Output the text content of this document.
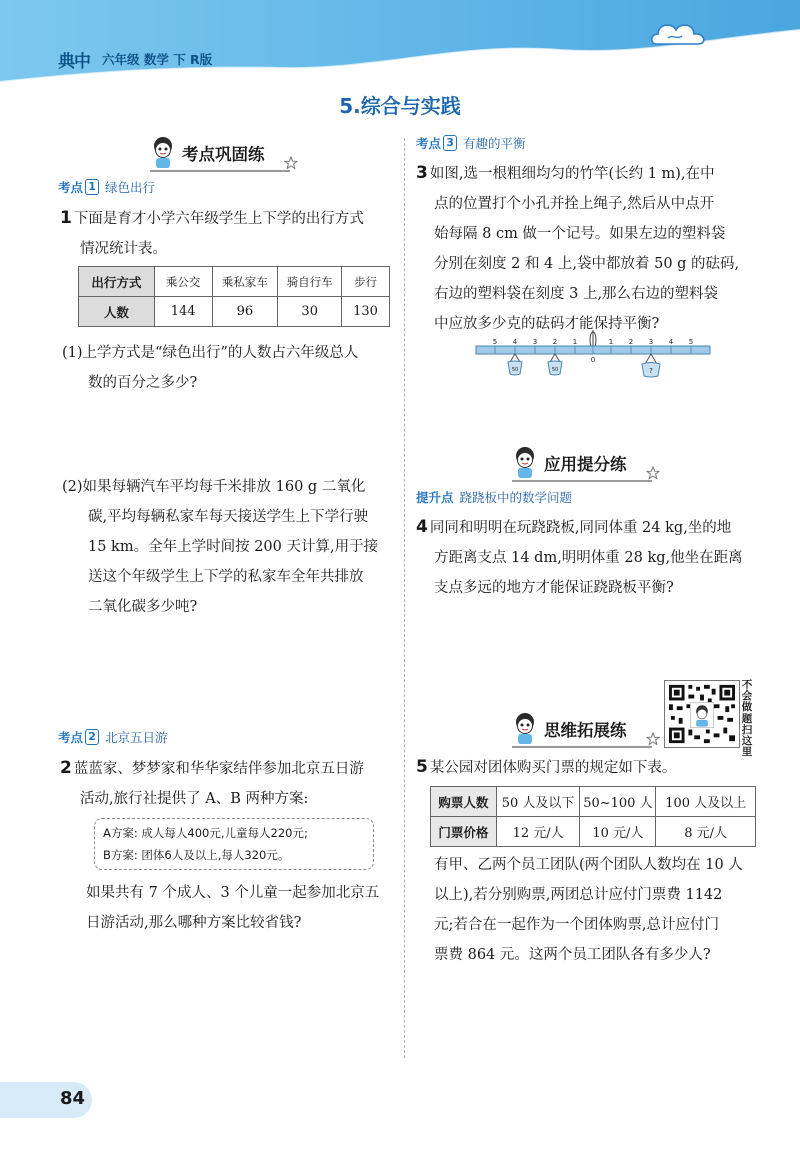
典中 六年级 数学 下 R版
5.综合与实践
考点巩固练
考点 1 绿色出行
1 下面是育才小学六年级学生上下学的出行方式
情况统计表。
出行方式	乘公交	乘私家车	骑自行车	步行
人数	144	96	30	130
(1)上学方式是“绿色出行”的人数占六年级总人
数的百分之多少?
(2)如果每辆汽车平均每千米排放 160 g 二氧化
碳,平均每辆私家车每天接送学生上下学行驶
15 km。全年上学时间按 200 天计算,用于接
送这个年级学生上下学的私家车全年共排放
二氧化碳多少吨?
考点 2 北京五日游
2 蓝蓝家、梦梦家和华华家结伴参加北京五日游
活动,旅行社提供了 A、B 两种方案:
A方案: 成人每人400元,儿童每人220元;
B方案: 团体6人及以上,每人320元。
如果共有 7 个成人、3 个儿童一起参加北京五
日游活动,那么哪种方案比较省钱?
考点 3 有趣的平衡
3 如图,选一根粗细均匀的竹竿(长约 1 m),在中
点的位置打个小孔并拴上绳子,然后从中点开
始每隔 8 cm 做一个记号。如果左边的塑料袋
分别在刻度 2 和 4 上,袋中都放着 50 g 的砝码,
右边的塑料袋在刻度 3 上,那么右边的塑料袋
中应放多少克的砝码才能保持平衡?
5 4 3 2 1	1 2 3 4 5
0
50	50	?
应用提分练
提升点 跷跷板中的数学问题
4 同同和明明在玩跷跷板,同同体重 24 kg,坐的地
方距离支点 14 dm,明明体重 28 kg,他坐在距离
支点多远的地方才能保证跷跷板平衡?
不会做题扫这里
思维拓展练
5 某公园对团体购买门票的规定如下表。
购票人数	50 人及以下	50~100 人	100 人及以上
门票价格	12 元/人	10 元/人	8 元/人
有甲、乙两个员工团队(两个团队人数均在 10 人
以上),若分别购票,两团总计应付门票费 1142
元;若合在一起作为一个团体购票,总计应付门
票费 864 元。这两个员工团队各有多少人?
84
